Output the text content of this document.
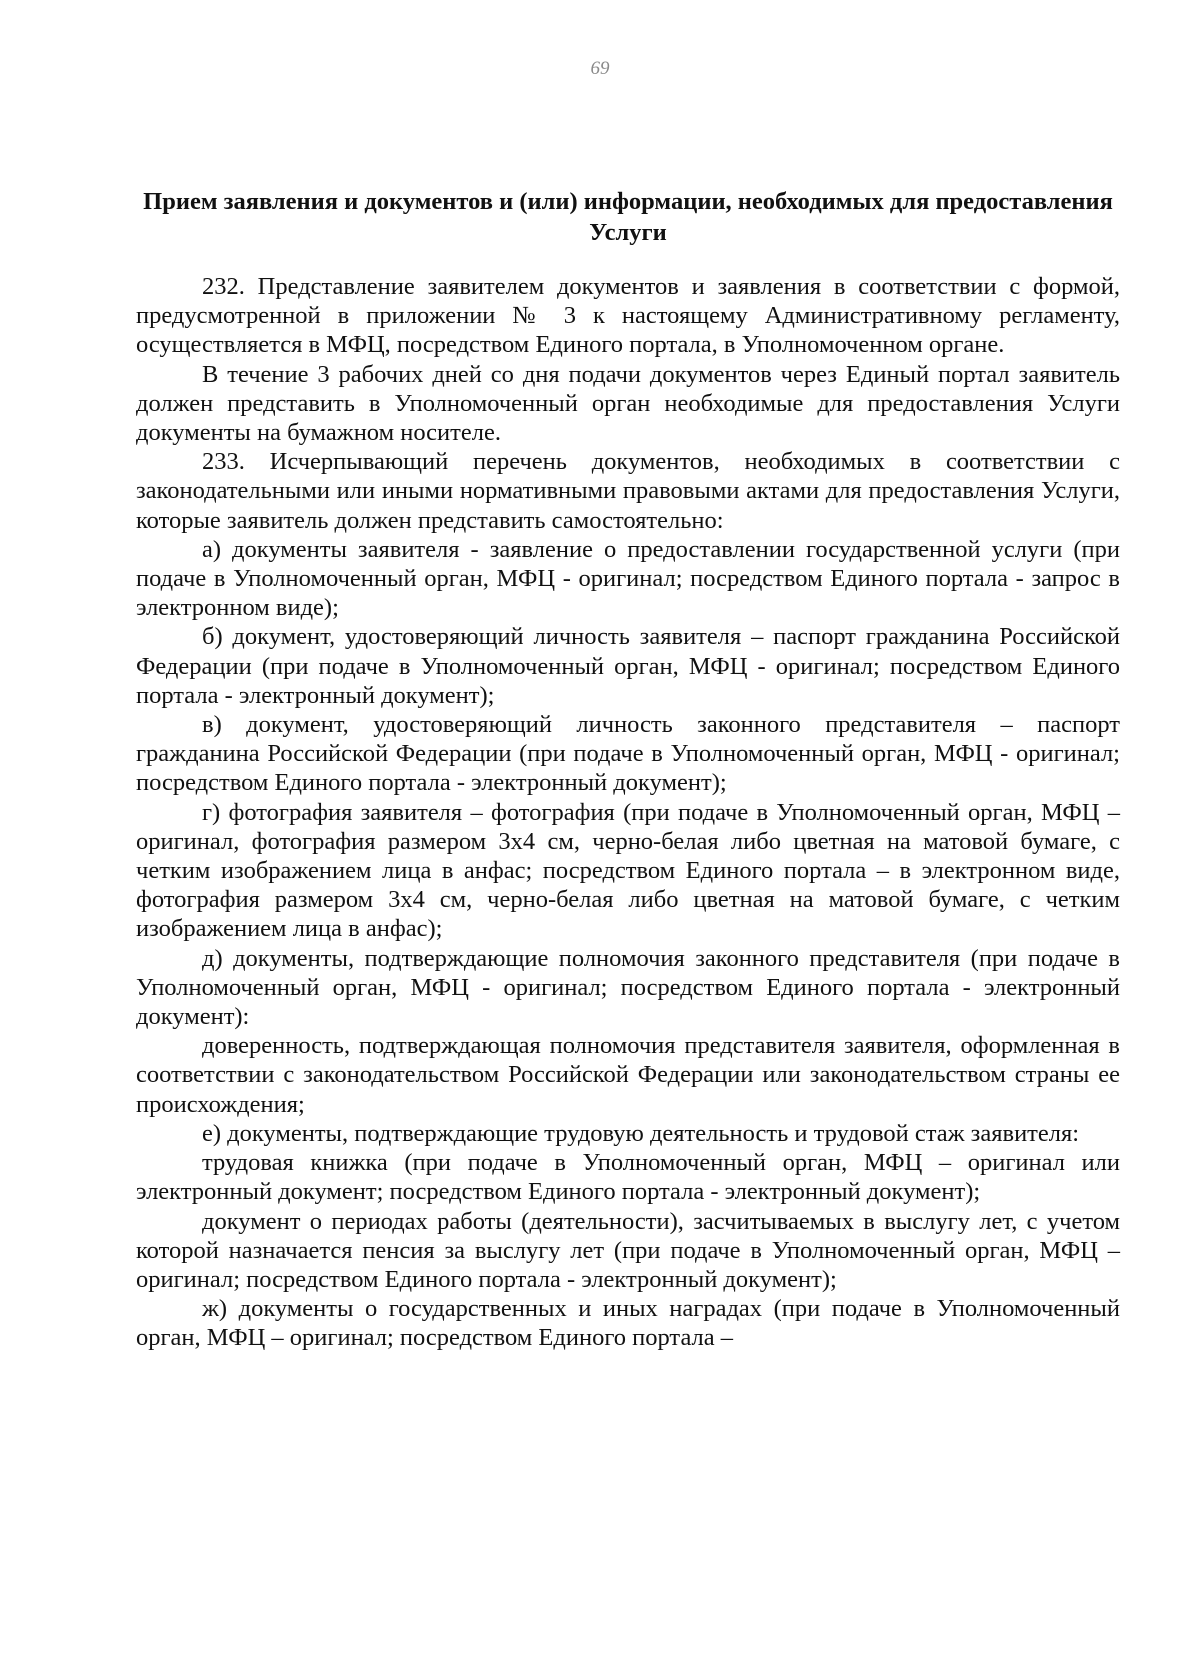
69
Прием заявления и документов и (или) информации, необходимых для предоставления Услуги

232. Представление заявителем документов и заявления в соответствии с формой, предусмотренной в приложении № 3 к настоящему Административному регламенту, осуществляется в МФЦ, посредством Единого портала, в Уполномоченном органе.

В течение 3 рабочих дней со дня подачи документов через Единый портал заявитель должен представить в Уполномоченный орган необходимые для предоставления Услуги документы на бумажном носителе.

233. Исчерпывающий перечень документов, необходимых в соответствии с законодательными или иными нормативными правовыми актами для предоставления Услуги, которые заявитель должен представить самостоятельно:

а) документы заявителя - заявление о предоставлении государственной услуги (при подаче в Уполномоченный орган, МФЦ - оригинал; посредством Единого портала - запрос в электронном виде);

б) документ, удостоверяющий личность заявителя – паспорт гражданина Российской Федерации (при подаче в Уполномоченный орган, МФЦ - оригинал; посредством Единого портала - электронный документ);

в) документ, удостоверяющий личность законного представителя – паспорт гражданина Российской Федерации (при подаче в Уполномоченный орган, МФЦ - оригинал; посредством Единого портала - электронный документ);

г) фотография заявителя – фотография (при подаче в Уполномоченный орган, МФЦ – оригинал, фотография размером 3х4 см, черно-белая либо цветная на матовой бумаге, с четким изображением лица в анфас; посредством Единого портала – в электронном виде, фотография размером 3х4 см, черно-белая либо цветная на матовой бумаге, с четким изображением лица в анфас);

д) документы, подтверждающие полномочия законного представителя (при подаче в Уполномоченный орган, МФЦ - оригинал; посредством Единого портала - электронный документ):

доверенность, подтверждающая полномочия представителя заявителя, оформленная в соответствии с законодательством Российской Федерации или законодательством страны ее происхождения;

е) документы, подтверждающие трудовую деятельность и трудовой стаж заявителя:

трудовая книжка (при подаче в Уполномоченный орган, МФЦ – оригинал или электронный документ; посредством Единого портала - электронный документ);

документ о периодах работы (деятельности), засчитываемых в выслугу лет, с учетом которой назначается пенсия за выслугу лет (при подаче в Уполномоченный орган, МФЦ – оригинал; посредством Единого портала - электронный документ);

ж) документы о государственных и иных наградах (при подаче в Уполномоченный орган, МФЦ – оригинал; посредством Единого портала –
